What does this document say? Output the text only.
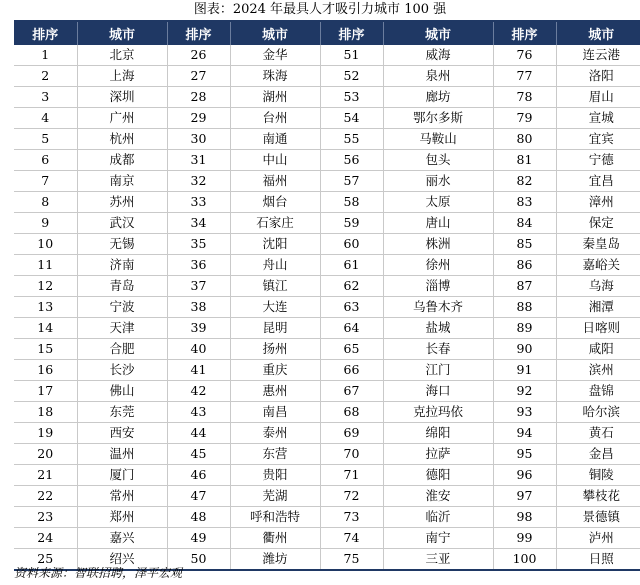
图表：2024 年最具人才吸引力城市 100 强
排序	城市	排序	城市	排序	城市	排序	城市
1	北京	26	金华	51	威海	76	连云港
2	上海	27	珠海	52	泉州	77	洛阳
3	深圳	28	湖州	53	廊坊	78	眉山
4	广州	29	台州	54	鄂尔多斯	79	宣城
5	杭州	30	南通	55	马鞍山	80	宜宾
6	成都	31	中山	56	包头	81	宁德
7	南京	32	福州	57	丽水	82	宜昌
8	苏州	33	烟台	58	太原	83	漳州
9	武汉	34	石家庄	59	唐山	84	保定
10	无锡	35	沈阳	60	株洲	85	秦皇岛
11	济南	36	舟山	61	徐州	86	嘉峪关
12	青岛	37	镇江	62	淄博	87	乌海
13	宁波	38	大连	63	乌鲁木齐	88	湘潭
14	天津	39	昆明	64	盐城	89	日喀则
15	合肥	40	扬州	65	长春	90	咸阳
16	长沙	41	重庆	66	江门	91	滨州
17	佛山	42	惠州	67	海口	92	盘锦
18	东莞	43	南昌	68	克拉玛依	93	哈尔滨
19	西安	44	泰州	69	绵阳	94	黄石
20	温州	45	东营	70	拉萨	95	金昌
21	厦门	46	贵阳	71	德阳	96	铜陵
22	常州	47	芜湖	72	淮安	97	攀枝花
23	郑州	48	呼和浩特	73	临沂	98	景德镇
24	嘉兴	49	衢州	74	南宁	99	泸州
25	绍兴	50	潍坊	75	三亚	100	日照
资料来源：智联招聘，泽平宏观
